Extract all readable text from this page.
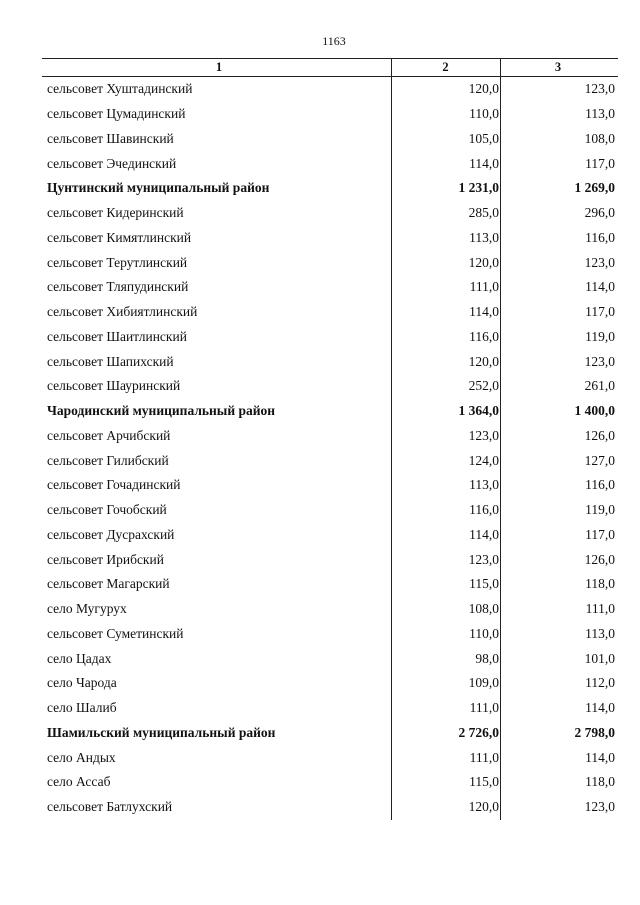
1163
1	2	3
сельсовет Хуштадинский	120,0	123,0
сельсовет Цумадинский	110,0	113,0
сельсовет Шавинский	105,0	108,0
сельсовет Эчединский	114,0	117,0
Цунтинский муниципальный район	1 231,0	1 269,0
сельсовет Кидеринский	285,0	296,0
сельсовет Кимятлинский	113,0	116,0
сельсовет Терутлинский	120,0	123,0
сельсовет Тляпудинский	111,0	114,0
сельсовет Хибиятлинский	114,0	117,0
сельсовет Шаитлинский	116,0	119,0
сельсовет Шапихский	120,0	123,0
сельсовет Шауринский	252,0	261,0
Чародинский муниципальный район	1 364,0	1 400,0
сельсовет Арчибский	123,0	126,0
сельсовет Гилибский	124,0	127,0
сельсовет Гочадинский	113,0	116,0
сельсовет Гочобский	116,0	119,0
сельсовет Дусрахский	114,0	117,0
сельсовет Ирибский	123,0	126,0
сельсовет Магарский	115,0	118,0
село Мугурух	108,0	111,0
сельсовет Суметинский	110,0	113,0
село Цадах	98,0	101,0
село Чарода	109,0	112,0
село Шалиб	111,0	114,0
Шамильский муниципальный район	2 726,0	2 798,0
село Андых	111,0	114,0
село Ассаб	115,0	118,0
сельсовет Батлухский	120,0	123,0
